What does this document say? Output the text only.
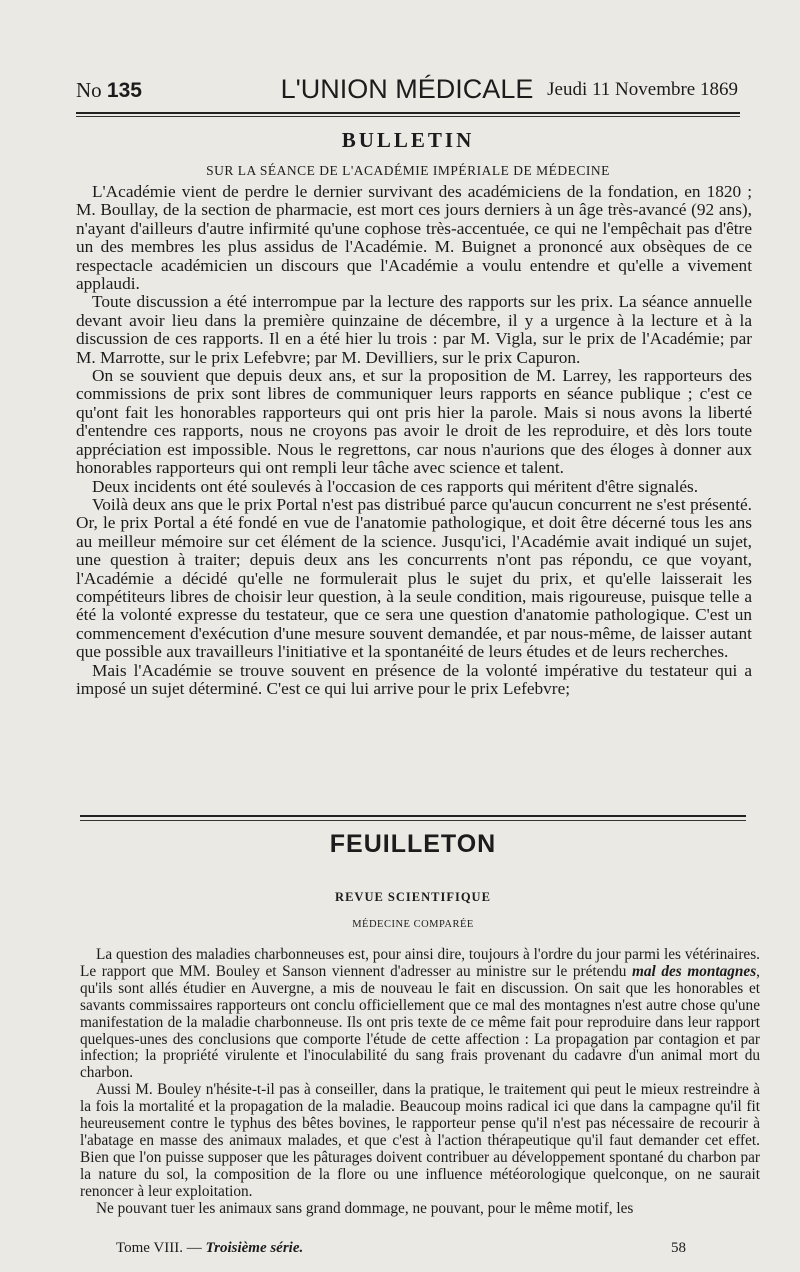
No 135	L'UNION MÉDICALE Jeudi 11 Novembre 1869
BULLETIN
SUR LA SÉANCE DE L'ACADÉMIE IMPÉRIALE DE MÉDECINE

L'Académie vient de perdre le dernier survivant des académiciens de la fondation, en 1820 ; M. Boullay, de la section de pharmacie, est mort ces jours derniers à un âge très-avancé (92 ans), n'ayant d'ailleurs d'autre infirmité qu'une cophose très-accentuée, ce qui ne l'empêchait pas d'être un des membres les plus assidus de l'Académie. M. Buignet a prononcé aux obsèques de ce respectacle académicien un discours que l'Académie a voulu entendre et qu'elle a vivement applaudi.

Toute discussion a été interrompue par la lecture des rapports sur les prix. La séance annuelle devant avoir lieu dans la première quinzaine de décembre, il y a urgence à la lecture et à la discussion de ces rapports. Il en a été hier lu trois : par M. Vigla, sur le prix de l'Académie; par M. Marrotte, sur le prix Lefebvre; par M. Devilliers, sur le prix Capuron.

On se souvient que depuis deux ans, et sur la proposition de M. Larrey, les rapporteurs des commissions de prix sont libres de communiquer leurs rapports en séance publique ; c'est ce qu'ont fait les honorables rapporteurs qui ont pris hier la parole. Mais si nous avons la liberté d'entendre ces rapports, nous ne croyons pas avoir le droit de les reproduire, et dès lors toute appréciation est impossible. Nous le regrettons, car nous n'aurions que des éloges à donner aux honorables rapporteurs qui ont rempli leur tâche avec science et talent.

Deux incidents ont été soulevés à l'occasion de ces rapports qui méritent d'être signalés.

Voilà deux ans que le prix Portal n'est pas distribué parce qu'aucun concurrent ne s'est présenté. Or, le prix Portal a été fondé en vue de l'anatomie pathologique, et doit être décerné tous les ans au meilleur mémoire sur cet élément de la science. Jusqu'ici, l'Académie avait indiqué un sujet, une question à traiter; depuis deux ans les concurrents n'ont pas répondu, ce que voyant, l'Académie a décidé qu'elle ne formulerait plus le sujet du prix, et qu'elle laisserait les compétiteurs libres de choisir leur question, à la seule condition, mais rigoureuse, puisque telle a été la volonté expresse du testateur, que ce sera une question d'anatomie pathologique. C'est un commencement d'exécution d'une mesure souvent demandée, et par nous-même, de laisser autant que possible aux travailleurs l'initiative et la spontanéité de leurs études et de leurs recherches.

Mais l'Académie se trouve souvent en présence de la volonté impérative du testateur qui a imposé un sujet déterminé. C'est ce qui lui arrive pour le prix Lefebvre;

FEUILLETON
REVUE SCIENTIFIQUE
MÉDECINE COMPARÉE

La question des maladies charbonneuses est, pour ainsi dire, toujours à l'ordre du jour parmi les vétérinaires. Le rapport que MM. Bouley et Sanson viennent d'adresser au ministre sur le prétendu mal des montagnes, qu'ils sont allés étudier en Auvergne, a mis de nouveau le fait en discussion. On sait que les honorables et savants commissaires rapporteurs ont conclu officiellement que ce mal des montagnes n'est autre chose qu'une manifestation de la maladie charbonneuse. Ils ont pris texte de ce même fait pour reproduire dans leur rapport quelques-unes des conclusions que comporte l'étude de cette affection : La propagation par contagion et par infection; la propriété virulente et l'inoculabilité du sang frais provenant du cadavre d'un animal mort du charbon.

Aussi M. Bouley n'hésite-t-il pas à conseiller, dans la pratique, le traitement qui peut le mieux restreindre à la fois la mortalité et la propagation de la maladie. Beaucoup moins radical ici que dans la campagne qu'il fit heureusement contre le typhus des bêtes bovines, le rapporteur pense qu'il n'est pas nécessaire de recourir à l'abatage en masse des animaux malades, et que c'est à l'action thérapeutique qu'il faut demander cet effet. Bien que l'on puisse supposer que les pâturages doivent contribuer au développement spontané du charbon par la nature du sol, la composition de la flore ou une influence météorologique quelconque, on ne saurait renoncer à leur exploitation.

Ne pouvant tuer les animaux sans grand dommage, ne pouvant, pour le même motif, les

Tome VIII. — Troisième série.	58
